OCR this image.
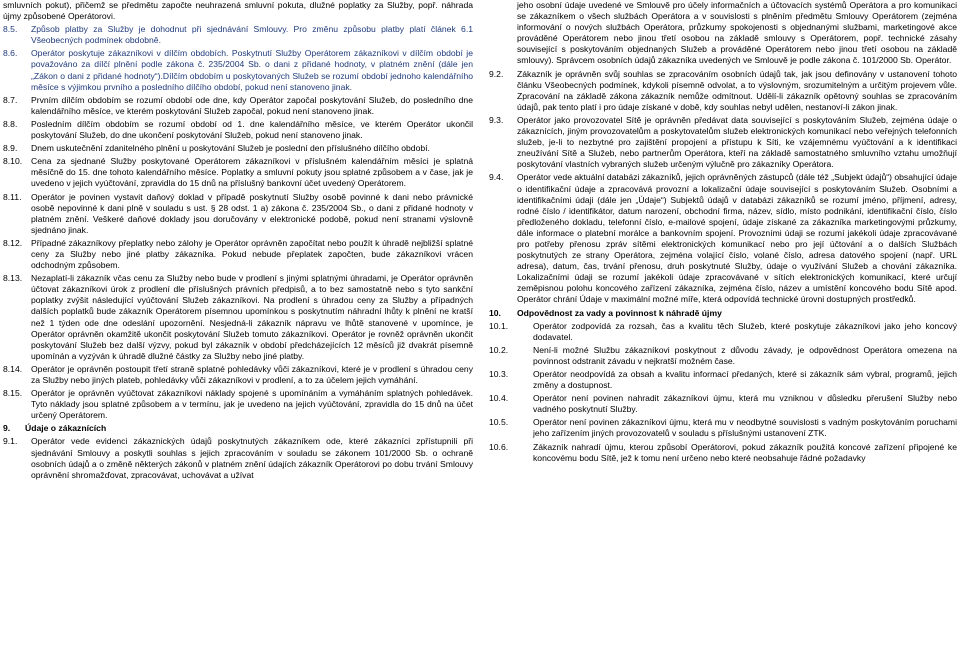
smluvních pokut), přičemž se předmětu započte neuhrazená smluvní pokuta, dlužné poplatky za Služby, popř. náhrada újmy způsobené Operátorovi.
8.5.	Způsob platby za Služby je dohodnut při sjednávání Smlouvy. Pro změnu způsobu platby platí článek 6.1 Všeobecných podmínek obdobně.
8.6.	Operátor poskytuje zákazníkovi v dílčím obdobích. Poskytnutí Služby Operátorem zákazníkovi v dílčím období je považováno za dílčí plnění podle zákona č. 235/2004 Sb. o dani z přidané hodnoty, v platném znění (dále jen „Zákon o dani z přidané hodnoty“).Dílčím obdobím u poskytovaných Služeb se rozumí období jednoho kalendářního měsíce s výjimkou prvního a posledního dílčího období, pokud není stanoveno jinak.
8.7.	Prvním dílčím obdobím se rozumí období ode dne, kdy Operátor započal poskytování Služeb, do posledního dne kalendářního měsíce, ve kterém poskytování Služeb započal, pokud není stanoveno jinak.
8.8.	Posledním dílčím obdobím se rozumí období od 1. dne kalendářního měsíce, ve kterém Operátor ukončil poskytování Služeb, do dne ukončení poskytování Služeb, pokud není stanoveno jinak.
8.9.	Dnem uskutečnění zdanitelného plnění u poskytování Služeb je poslední den příslušného dílčího období.
8.10.	Cena za sjednané Služby poskytované Operátorem zákazníkovi v příslušném kalendářním měsíci je splatná měsíčně do 15. dne tohoto kalendářního měsíce. Poplatky a smluvní pokuty jsou splatné způsobem a v čase, jak je uvedeno v jejich vyúčtování, zpravidla do 15 dnů na příslušný bankovní účet uvedený Operátorem.
8.11.	Operátor je povinen vystavit daňový doklad v případě poskytnutí Služby osobě povinné k dani nebo právnické osobě nepovinné k dani plně v souladu s ust. § 28 odst. 1 a) zákona č. 235/2004 Sb., o dani z přidané hodnoty v platném znění. Veškeré daňové doklady jsou doručovány v elektronické podobě, pokud není stranami výslovně sjednáno jinak.
8.12.	Případné zákazníkovy přeplatky nebo zálohy je Operátor oprávněn započítat nebo použít k úhradě nejbližší splatné ceny za Služby nebo jiné platby zákazníka. Pokud nebude přeplatek započten, bude zákazníkovi vrácen odchodným způsobem.
8.13.	Nezaplatí-li zákazník včas cenu za Služby nebo bude v prodlení s jinými splatnými úhradami, je Operátor oprávněn účtovat zákazníkovi úrok z prodlení dle příslušných právních předpisů, a to bez samostatně nebo s tyto sankční poplatky zvýšit následující vyúčtování Služeb zákazníkovi. Na prodlení s úhradou ceny za Služby a případných dalších poplatků bude zákazník Operátorem písemnou upomínkou s poskytnutím náhradní lhůty k plnění ne kratší než 1 týden ode dne odeslání upozornění. Nesjedná-li zákazník nápravu ve lhůtě stanovené v upomínce, je Operátor oprávněn okamžitě ukončit poskytování Služeb tomuto zákazníkovi. Operátor je rovněž oprávněn ukončit poskytování Služeb bez další výzvy, pokud byl zákazník v období předcházejících 12 měsíců již dvakrát písemně upomínán a vyzýván k úhradě dlužné částky za Služby nebo jiné platby.
8.14.	Operátor je oprávněn postoupit třetí straně splatné pohledávky vůči zákazníkovi, které je v prodlení s úhradou ceny za Služby nebo jiných plateb, pohledávky vůči zákazníkovi v prodlení, a to za účelem jejich vymáhání.
8.15.	Operátor je oprávněn vyúčtovat zákazníkovi náklady spojené s upomínáním a vymáháním splatných pohledávek. Tyto náklady jsou splatné způsobem a v termínu, jak je uvedeno na jejich vyúčtování, zpravidla do 15 dnů na účet určený Operátorem.
9.	Údaje o zákaznících
9.1.	Operátor vede evidenci zákaznických údajů poskytnutých zákazníkem ode, které zákazníci zpřístupnili při sjednávání Smlouvy a poskytli souhlas s jejich zpracováním v souladu se zákonem 101/2000 Sb. o ochraně osobních údajů a o změně některých zákonů v platném znění údajích zákazník Operátorovi po dobu trvání Smlouvy oprávnění shromažďovat, zpracovávat, uchovávat a užívat
jeho osobní údaje uvedené ve Smlouvě pro účely informačních a účtovacích systémů Operátora a pro komunikaci se zákazníkem o všech službách Operátora a v souvislosti s plněním předmětu Smlouvy Operátorem (zejména informování o nových službách Operátora, průzkumy spokojenosti s objednanými službami, marketingové akce prováděné Operátorem nebo jinou třetí osobou na základě smlouvy s Operátorem, popř. technické zásahy související s poskytováním objednaných Služeb a prováděné Operátorem nebo jinou třetí osobou na základě smlouvy). Správcem osobních údajů zákazníka uvedených ve Smlouvě je podle zákona č. 101/2000 Sb. Operátor.
9.2.	Zákazník je oprávněn svůj souhlas se zpracováním osobních údajů tak, jak jsou definovány v ustanovení tohoto článku Všeobecných podmínek, kdykoli písemně odvolat, a to výslovným, srozumitelným a určitým projevem vůle. Zpracování na základě zákona zákazník nemůže odmítnout. Udělí-li zákazník opětovný souhlas se zpracováním údajů, pak tento platí i pro údaje získané v době, kdy souhlas nebyl udělen, nestanoví-li zákon jinak.
9.3.	Operátor jako provozovatel Sítě je oprávněn předávat data související s poskytováním Služeb, zejména údaje o zákaznících, jiným provozovatelům a poskytovatelům služeb elektronických komunikací nebo veřejných telefonních služeb, je-li to nezbytné pro zajištění propojení a přístupu k Síti, ke vzájemnému vyúčtování a k identifikaci zneužívání Sítě a Služeb, nebo partnerům Operátora, kteří na základě samostatného smluvního vztahu umožňují poskytování vlastních vybraných služeb určeným výlučně pro zákazníky Operátora.
9.4.	Operátor vede aktuální databázi zákazníků, jejich oprávněných zástupců (dále též „Subjekt údajů“) obsahující údaje o identifikační údaje a zpracovává provozní a lokalizační údaje související s poskytováním Služeb. Osobními a identifikačními údaji (dále jen „Údaje“) Subjektů údajů v databázi zákazníků se rozumí jméno, příjmení, adresy, rodné číslo / identifikátor, datum narození, obchodní firma, název, sídlo, místo podnikání, identifikační číslo, číslo předloženého dokladu, telefonní číslo, e-mailové spojení, údaje získané za zákazníka marketingovými průzkumy, dále informace o platební morálce a bankovním spojení. Provozními údaji se rozumí jakékoli údaje zpracovávané pro potřeby přenosu zpráv sítěmi elektronických komunikací nebo pro její účtování a o dalších Službách poskytnutých ze strany Operátora, zejména volající číslo, volané číslo, adresa datového spojení (např. URL adresa), datum, čas, trvání přenosu, druh poskytnuté Služby, údaje o využívání Služeb a chování zákazníka. Lokalizačními údaji se rozumí jakékoli údaje zpracovávané v sítích elektronických komunikací, které určují zeměpisnou polohu koncového zařízení zákazníka, zejména číslo, název a umístění koncového bodu Sítě apod. Operátor chrání Údaje v maximální možné míře, která odpovídá technické úrovni dostupných prostředků.
10.	Odpovědnost za vady a povinnost k náhradě újmy
10.1.	Operátor zodpovídá za rozsah, čas a kvalitu těch Služeb, které poskytuje zákazníkovi jako jeho koncový dodavatel.
10.2.	Není-li možné Službu zákazníkovi poskytnout z důvodu závady, je odpovědnost Operátora omezena na povinnost odstranit závadu v nejkratší možném čase.
10.3.	Operátor neodpovídá za obsah a kvalitu informací předaných, které si zákazník sám vybral, programů, jejich změny a dostupnost.
10.4.	Operátor není povinen nahradit zákazníkovi újmu, která mu vzniknou v důsledku přerušení Služby nebo vadného poskytnutí Služby.
10.5.	Operátor není povinen zákazníkovi újmu, která mu v neodbytné souvislosti s vadným poskytováním poruchami jeho zařízením jiných provozovatelů v souladu s příslušnými ustanovení ZTK.
10.6.	Zákazník nahradí újmu, kterou způsobí Operátorovi, pokud zákazník použitá koncové zařízení připojené ke koncovému bodu Sítě, jež k tomu není určeno nebo které neobsahuje řádné požadavky
